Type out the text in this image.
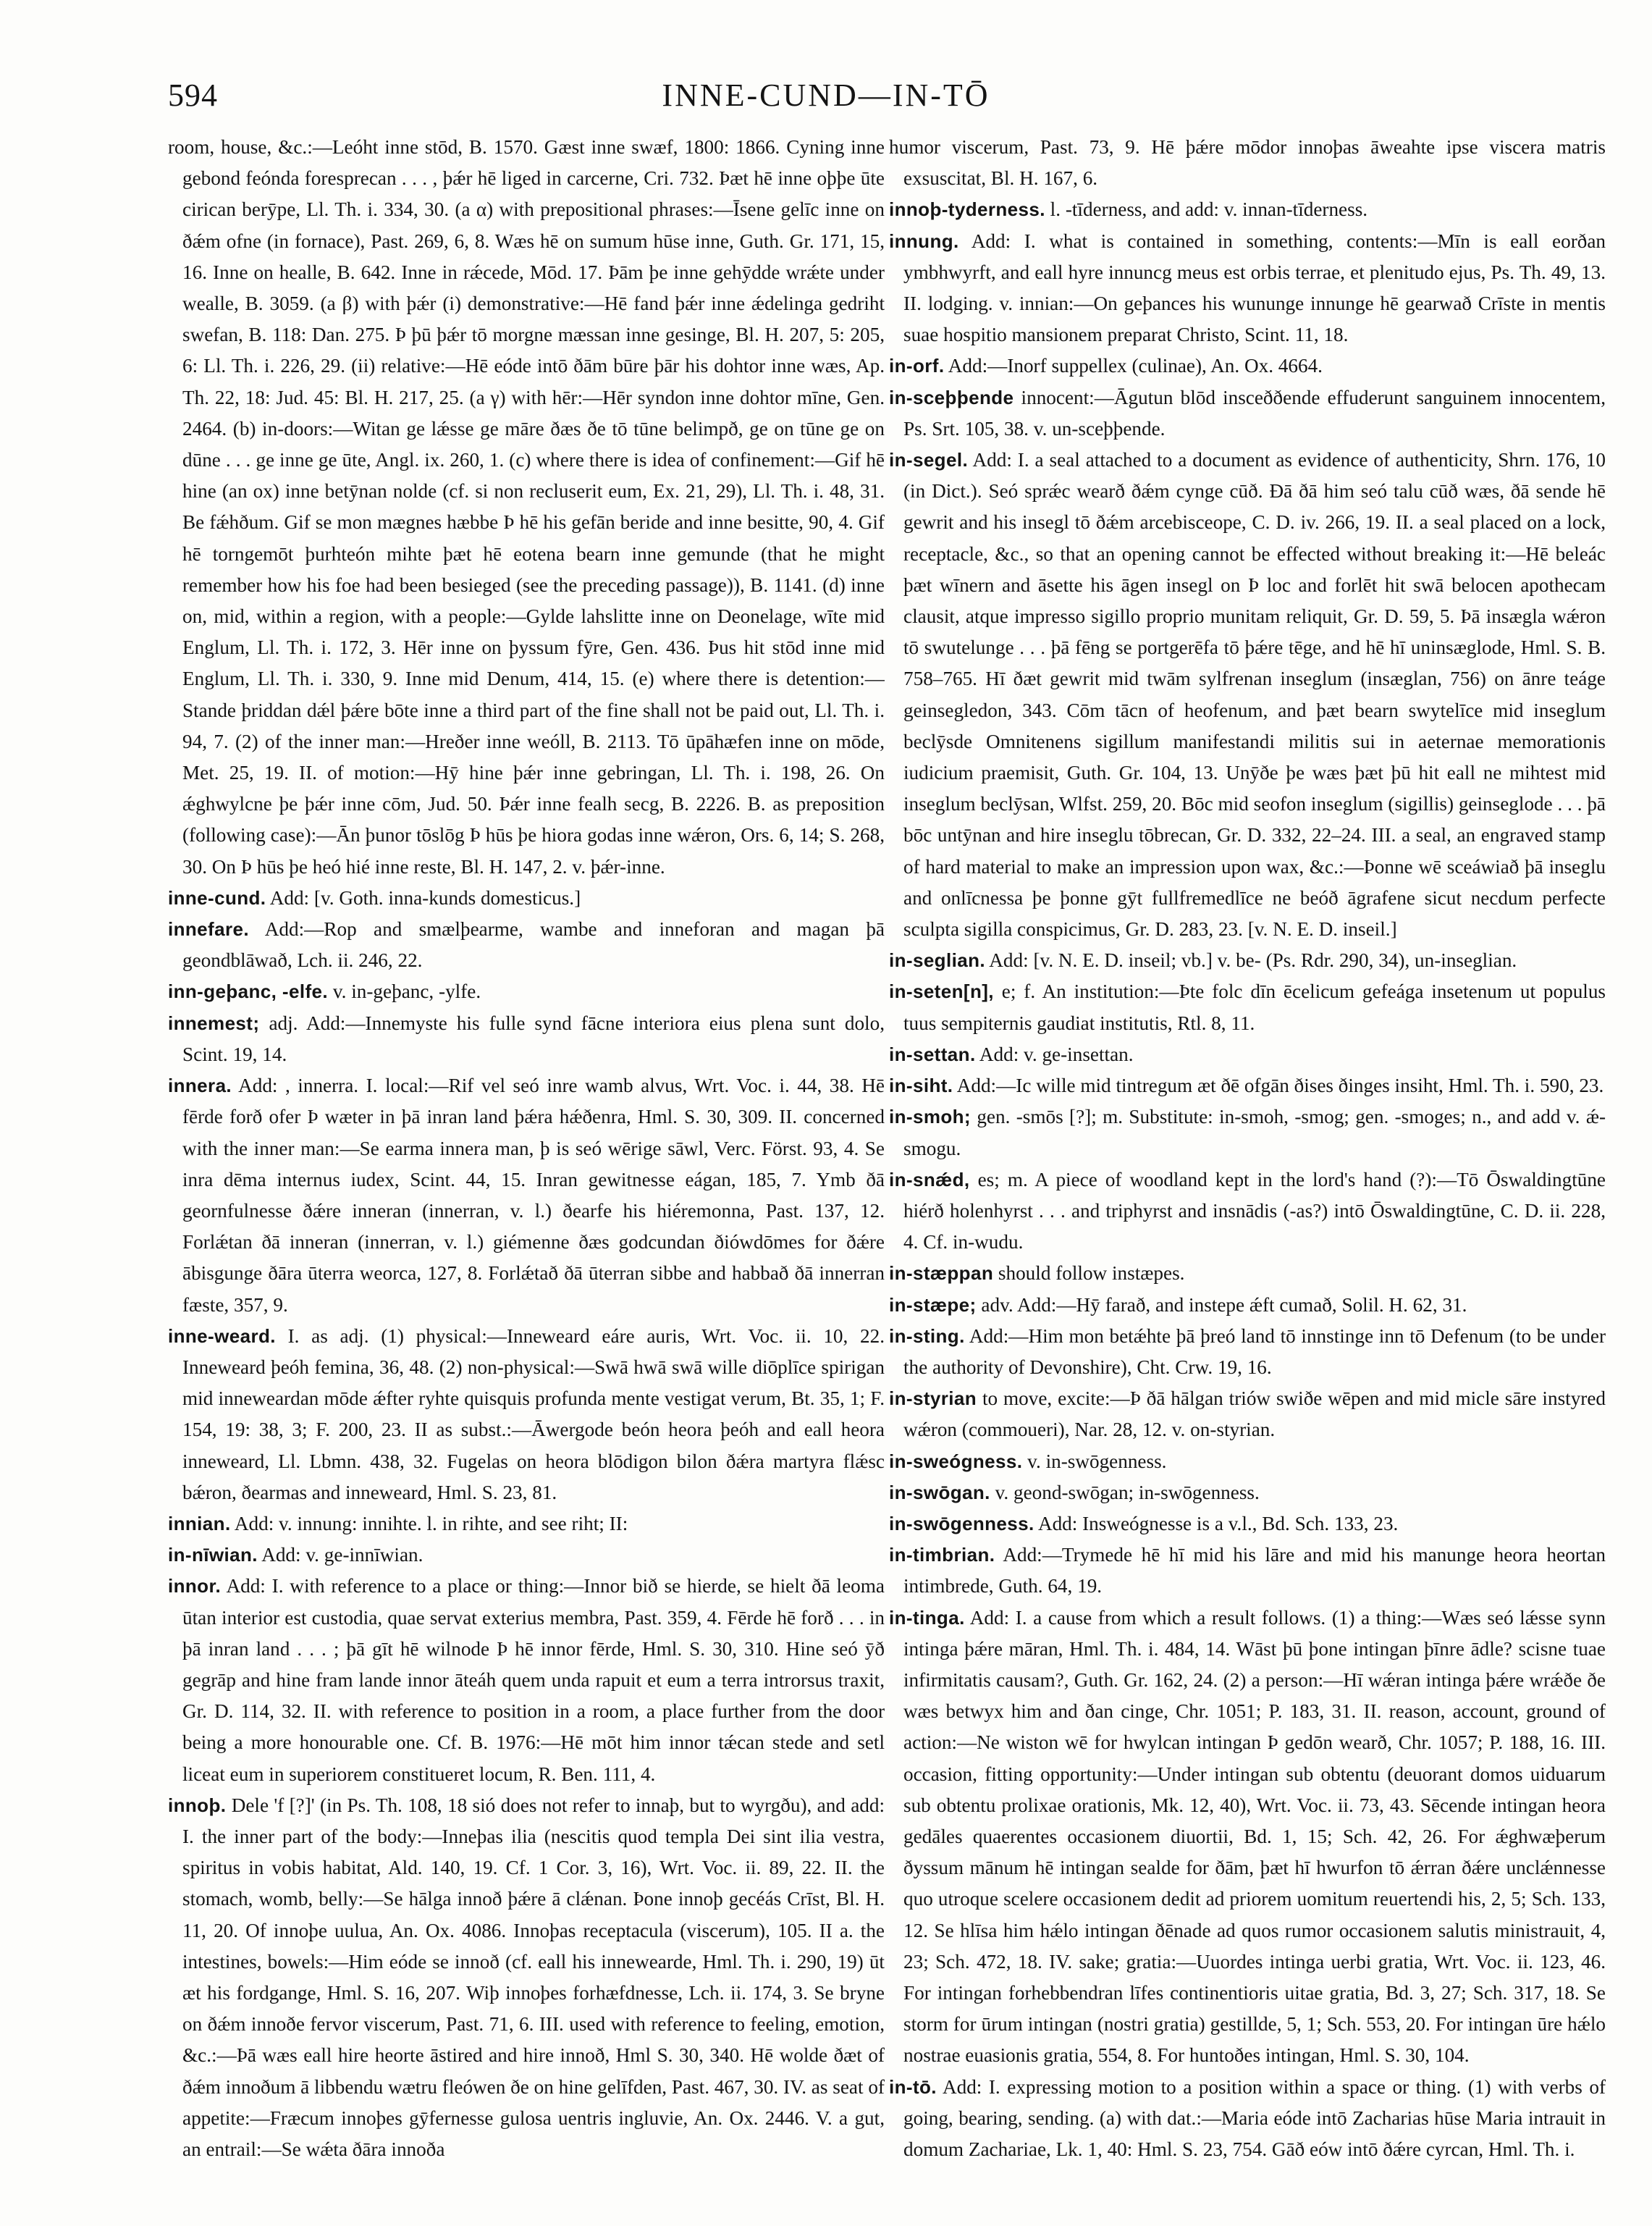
594	INNE-CUND—IN-TŌ

room, house, &c.:—Leóht inne stōd, B. 1570. Gæst inne swæf, 1800: 1866. Cyning inne gebond feónda foresprecan . . . , þǽr hē liged in carcerne, Cri. 732. Þæt hē inne oþþe ūte cirican berȳpe, Ll. Th. i. 334, 30. (a α) with prepositional phrases:—Īsene gelīc inne on ðǽm ofne (in fornace), Past. 269, 6, 8. Wæs hē on sumum hūse inne, Guth. Gr. 171, 15, 16. Inne on healle, B. 642. Inne in rǽcede, Mōd. 17. Þām þe inne gehȳdde wrǽte under wealle, B. 3059. (a β) with þǽr (i) demonstrative:—Hē fand þǽr inne ǽdelinga gedriht swefan, B. 118: Dan. 275. Þ þū þǽr tō morgne mæssan inne gesinge, Bl. H. 207, 5: 205, 6: Ll. Th. i. 226, 29. (ii) relative:—Hē eóde intō ðām būre þār his dohtor inne wæs, Ap. Th. 22, 18: Jud. 45: Bl. H. 217, 25. (a γ) with hēr:—Hēr syndon inne dohtor mīne, Gen. 2464. (b) in-doors:—Witan ge lǽsse ge māre ðæs ðe tō tūne belimpð, ge on tūne ge on dūne . . . ge inne ge ūte, Angl. ix. 260, 1. (c) where there is idea of confinement:—Gif hē hine (an ox) inne betȳnan nolde (cf. si non recluserit eum, Ex. 21, 29), Ll. Th. i. 48, 31. Be fǽhðum. Gif se mon mægnes hæbbe Þ hē his gefān beride and inne besitte, 90, 4. Gif hē torngemōt þurhteón mihte þæt hē eotena bearn inne gemunde (that he might remember how his foe had been besieged (see the preceding passage)), B. 1141. (d) inne on, mid, within a region, with a people:—Gylde lahslitte inne on Deonelage, wīte mid Englum, Ll. Th. i. 172, 3. Hēr inne on þyssum fȳre, Gen. 436. Þus hit stōd inne mid Englum, Ll. Th. i. 330, 9. Inne mid Denum, 414, 15. (e) where there is detention:—Stande þriddan dǽl þǽre bōte inne a third part of the fine shall not be paid out, Ll. Th. i. 94, 7. (2) of the inner man:—Hreðer inne weóll, B. 2113. Tō ūpāhæfen inne on mōde, Met. 25, 19. II. of motion:—Hȳ hine þǽr inne gebringan, Ll. Th. i. 198, 26. On ǽghwylcne þe þǽr inne cōm, Jud. 50. Þǽr inne fealh secg, B. 2226. B. as preposition (following case):—Ān þunor tōslōg Þ hūs þe hiora godas inne wǽron, Ors. 6, 14; S. 268, 30. On Þ hūs þe heó hié inne reste, Bl. H. 147, 2. v. þǽr-inne.

inne-cund. Add: [v. Goth. inna-kunds domesticus.]

innefare. Add:—Rop and smælþearme, wambe and inneforan and magan þā geondblāwað, Lch. ii. 246, 22.

inn-geþanc, -elfe. v. in-geþanc, -ylfe.

innemest; adj. Add:—Innemyste his fulle synd fācne interiora eius plena sunt dolo, Scint. 19, 14.

innera. Add: , innerra. I. local:—Rif vel seó inre wamb alvus, Wrt. Voc. i. 44, 38. Hē fērde forð ofer Þ wæter in þā inran land þǽra hǽðenra, Hml. S. 30, 309. II. concerned with the inner man:—Se earma innera man, þ is seó wērige sāwl, Verc. Först. 93, 4. Se inra dēma internus iudex, Scint. 44, 15. Inran gewitnesse eágan, 185, 7. Ymb ðā geornfulnesse ðǽre inneran (innerran, v. l.) ðearfe his hiéremonna, Past. 137, 12. Forlǽtan ðā inneran (innerran, v. l.) giémenne ðæs godcundan ðiówdōmes for ðǽre ābisgunge ðāra ūterra weorca, 127, 8. Forlǽtað ðā ūterran sibbe and habbað ðā innerran fæste, 357, 9.

inne-weard. I. as adj. (1) physical:—Inneweard eáre auris, Wrt. Voc. ii. 10, 22. Inneweard þeóh femina, 36, 48. (2) non-physical:—Swā hwā swā wille diōplīce spirigan mid inneweardan mōde ǽfter ryhte quisquis profunda mente vestigat verum, Bt. 35, 1; F. 154, 19: 38, 3; F. 200, 23. II as subst.:—Āwergode beón heora þeóh and eall heora inneweard, Ll. Lbmn. 438, 32. Fugelas on heora blōdigon bilon ðǽra martyra flǽsc bǽron, ðearmas and inneweard, Hml. S. 23, 81.

innian. Add: v. innung: innihte. l. in rihte, and see riht; II:

in-nīwian. Add: v. ge-innīwian.

innor. Add: I. with reference to a place or thing:—Innor bið se hierde, se hielt ðā leoma ūtan interior est custodia, quae servat exterius membra, Past. 359, 4. Fērde hē forð . . . in þā inran land . . . ; þā gīt hē wilnode Þ hē innor fērde, Hml. S. 30, 310. Hine seó ȳð gegrāp and hine fram lande innor āteáh quem unda rapuit et eum a terra introrsus traxit, Gr. D. 114, 32. II. with reference to position in a room, a place further from the door being a more honourable one. Cf. B. 1976:—Hē mōt him innor tǽcan stede and setl liceat eum in superiorem constitueret locum, R. Ben. 111, 4.

innoþ. Dele 'f [?]' (in Ps. Th. 108, 18 sió does not refer to innaþ, but to wyrgðu), and add: I. the inner part of the body:—Inneþas ilia (nescitis quod templa Dei sint ilia vestra, spiritus in vobis habitat, Ald. 140, 19. Cf. 1 Cor. 3, 16), Wrt. Voc. ii. 89, 22. II. the stomach, womb, belly:—Se hālga innoð þǽre ā clǽnan. Þone innoþ gecéás Crīst, Bl. H. 11, 20. Of innoþe uulua, An. Ox. 4086. Innoþas receptacula (viscerum), 105. II a. the intestines, bowels:—Him eóde se innoð (cf. eall his innewearde, Hml. Th. i. 290, 19) ūt æt his fordgange, Hml. S. 16, 207. Wiþ innoþes forhæfdnesse, Lch. ii. 174, 3. Se bryne on ðǽm innoðe fervor viscerum, Past. 71, 6. III. used with reference to feeling, emotion, &c.:—Þā wæs eall hire heorte āstired and hire innoð, Hml S. 30, 340. Hē wolde ðæt of ðǽm innoðum ā libbendu wætru fleówen ðe on hine gelīfden, Past. 467, 30. IV. as seat of appetite:—Fræcum innoþes gȳfernesse gulosa uentris ingluvie, An. Ox. 2446. V. a gut, an entrail:—Se wǽta ðāra innoða

humor viscerum, Past. 73, 9. Hē þǽre mōdor innoþas āweahte ipse viscera matris exsuscitat, Bl. H. 167, 6.

innoþ-tyderness. l. -tīderness, and add: v. innan-tīderness.

innung. Add: I. what is contained in something, contents:—Mīn is eall eorðan ymbhwyrft, and eall hyre innuncg meus est orbis terrae, et plenitudo ejus, Ps. Th. 49, 13. II. lodging. v. innian:—On geþances his wununge innunge hē gearwað Crīste in mentis suae hospitio mansionem preparat Christo, Scint. 11, 18.

in-orf. Add:—Inorf suppellex (culinae), An. Ox. 4664.

in-sceþþende innocent:—Āgutun blōd insceððende effuderunt sanguinem innocentem, Ps. Srt. 105, 38. v. un-sceþþende.

in-segel. Add: I. a seal attached to a document as evidence of authenticity, Shrn. 176, 10 (in Dict.). Seó sprǽc wearð ðǽm cynge cūð. Ðā ðā him seó talu cūð wæs, ðā sende hē gewrit and his insegl tō ðǽm arcebisceope, C. D. iv. 266, 19. II. a seal placed on a lock, receptacle, &c., so that an opening cannot be effected without breaking it:—Hē beleác þæt wīnern and āsette his āgen insegl on Þ loc and forlēt hit swā belocen apothecam clausit, atque impresso sigillo proprio munitam reliquit, Gr. D. 59, 5. Þā insægla wǽron tō swutelunge . . . þā fēng se portgerēfa tō þǽre tēge, and hē hī uninsæglode, Hml. S. B. 758–765. Hī ðæt gewrit mid twām sylfrenan inseglum (insæglan, 756) on ānre teáge geinsegledon, 343. Cōm tācn of heofenum, and þæt bearn swytelīce mid inseglum beclȳsde Omnitenens sigillum manifestandi militis sui in aeternae memorationis iudicium praemisit, Guth. Gr. 104, 13. Unȳðe þe wæs þæt þū hit eall ne mihtest mid inseglum beclȳsan, Wlfst. 259, 20. Bōc mid seofon inseglum (sigillis) geinseglode . . . þā bōc untȳnan and hire inseglu tōbrecan, Gr. D. 332, 22–24. III. a seal, an engraved stamp of hard material to make an impression upon wax, &c.:—Þonne wē sceáwiað þā inseglu and onlīcnessa þe þonne gȳt fullfremedlīce ne beóð āgrafene sicut necdum perfecte sculpta sigilla conspicimus, Gr. D. 283, 23. [v. N. E. D. inseil.]

in-seglian. Add: [v. N. E. D. inseil; vb.] v. be- (Ps. Rdr. 290, 34), un-inseglian.

in-seten[n], e; f. An institution:—Þte folc dīn ēcelicum gefeága insetenum ut populus tuus sempiternis gaudiat institutis, Rtl. 8, 11.

in-settan. Add: v. ge-insettan.

in-siht. Add:—Ic wille mid tintregum æt ðē ofgān ðises ðinges insiht, Hml. Th. i. 590, 23.

in-smoh; gen. -smōs [?]; m. Substitute: in-smoh, -smog; gen. -smoges; n., and add v. ǽ-smogu.

in-snǽd, es; m. A piece of woodland kept in the lord's hand (?):—Tō Ōswaldingtūne hiérð holenhyrst . . . and triphyrst and insnādis (-as?) intō Ōswaldingtūne, C. D. ii. 228, 4. Cf. in-wudu.

in-stæppan should follow instæpes.

in-stæpe; adv. Add:—Hȳ farað, and instepe ǽft cumað, Solil. H. 62, 31.

in-sting. Add:—Him mon betǽhte þā þreó land tō innstinge inn tō Defenum (to be under the authority of Devonshire), Cht. Crw. 19, 16.

in-styrian to move, excite:—Þ ðā hālgan triów swiðe wēpen and mid micle sāre instyred wǽron (commoueri), Nar. 28, 12. v. on-styrian.

in-sweógness. v. in-swōgenness.

in-swōgan. v. geond-swōgan; in-swōgenness.

in-swōgenness. Add: Insweógnesse is a v.l., Bd. Sch. 133, 23.

in-timbrian. Add:—Trymede hē hī mid his lāre and mid his manunge heora heortan intimbrede, Guth. 64, 19.

in-tinga. Add: I. a cause from which a result follows. (1) a thing:—Wæs seó lǽsse synn intinga þǽre māran, Hml. Th. i. 484, 14. Wāst þū þone intingan þīnre ādle? scisne tuae infirmitatis causam?, Guth. Gr. 162, 24. (2) a person:—Hī wǽran intinga þǽre wrǽðe ðe wæs betwyx him and ðan cinge, Chr. 1051; P. 183, 31. II. reason, account, ground of action:—Ne wiston wē for hwylcan intingan Þ gedōn wearð, Chr. 1057; P. 188, 16. III. occasion, fitting opportunity:—Under intingan sub obtentu (deuorant domos uiduarum sub obtentu prolixae orationis, Mk. 12, 40), Wrt. Voc. ii. 73, 43. Sēcende intingan heora gedāles quaerentes occasionem diuortii, Bd. 1, 15; Sch. 42, 26. For ǽghwæþerum ðyssum mānum hē intingan sealde for ðām, þæt hī hwurfon tō ǽrran ðǽre unclǽnnesse quo utroque scelere occasionem dedit ad priorem uomitum reuertendi his, 2, 5; Sch. 133, 12. Se hlīsa him hǽlo intingan ðēnade ad quos rumor occasionem salutis ministrauit, 4, 23; Sch. 472, 18. IV. sake; gratia:—Uuordes intinga uerbi gratia, Wrt. Voc. ii. 123, 46. For intingan forhebbendran līfes continentioris uitae gratia, Bd. 3, 27; Sch. 317, 18. Se storm for ūrum intingan (nostri gratia) gestillde, 5, 1; Sch. 553, 20. For intingan ūre hǽlo nostrae euasionis gratia, 554, 8. For huntoðes intingan, Hml. S. 30, 104.

in-tō. Add: I. expressing motion to a position within a space or thing. (1) with verbs of going, bearing, sending. (a) with dat.:—Maria eóde intō Zacharias hūse Maria intrauit in domum Zachariae, Lk. 1, 40: Hml. S. 23, 754. Gāð eów intō ðǽre cyrcan, Hml. Th. i.
